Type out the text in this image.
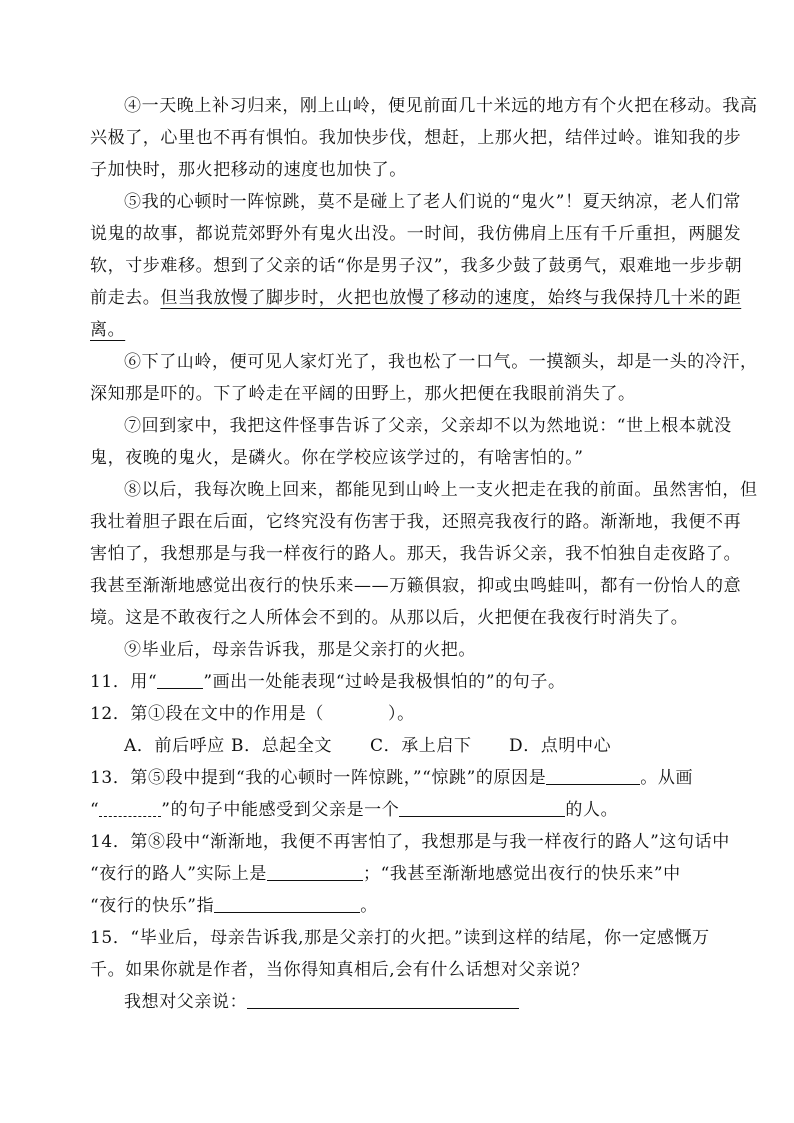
④一天晚上补习归来，刚上山岭，便见前面几十米远的地方有个火把在移动。我高
兴极了，心里也不再有惧怕。我加快步伐，想赶，上那火把，结伴过岭。谁知我的步
子加快时，那火把移动的速度也加快了。
⑤我的心顿时一阵惊跳，莫不是碰上了老人们说的“鬼火”！夏天纳凉，老人们常
说鬼的故事，都说荒郊野外有鬼火出没。一时间，我仿佛肩上压有千斤重担，两腿发
软，寸步难移。想到了父亲的话“你是男子汉”，我多少鼓了鼓勇气，艰难地一步步朝
前走去。但当我放慢了脚步时，火把也放慢了移动的速度，始终与我保持几十米的距
离。
⑥下了山岭，便可见人家灯光了，我也松了一口气。一摸额头，却是一头的冷汗，
深知那是吓的。下了岭走在平阔的田野上，那火把便在我眼前消失了。
⑦回到家中，我把这件怪事告诉了父亲，父亲却不以为然地说：“世上根本就没
鬼，夜晚的鬼火，是磷火。你在学校应该学过的，有啥害怕的。”
⑧以后，我每次晚上回来，都能见到山岭上一支火把走在我的前面。虽然害怕，但
我壮着胆子跟在后面，它终究没有伤害于我，还照亮我夜行的路。渐渐地，我便不再
害怕了，我想那是与我一样夜行的路人。那天，我告诉父亲，我不怕独自走夜路了。
我甚至渐渐地感觉出夜行的快乐来——万籁俱寂，抑或虫鸣蛙叫，都有一份怡人的意
境。这是不敢夜行之人所体会不到的。从那以后，火把便在我夜行时消失了。
⑨毕业后，母亲告诉我，那是父亲打的火把。
11．用“	”画出一处能表现“过岭是我极惧怕的”的句子。
12．第①段在文中的作用是（	）。
A．前后呼应 B．总起全文 C．承上启下 D．点明中心
13．第⑤段中提到“我的心顿时一阵惊跳，”“惊跳”的原因是	。从画
“	”的句子中能感受到父亲是一个	的人。
14．第⑧段中“渐渐地，我便不再害怕了，我想那是与我一样夜行的路人”这句话中
“夜行的路人”实际上是	；“我甚至渐渐地感觉出夜行的快乐来”中
“夜行的快乐”指	。
15．“毕业后，母亲告诉我,那是父亲打的火把。”读到这样的结尾，你一定感慨万
千。如果你就是作者，当你得知真相后,会有什么话想对父亲说？
我想对父亲说：
